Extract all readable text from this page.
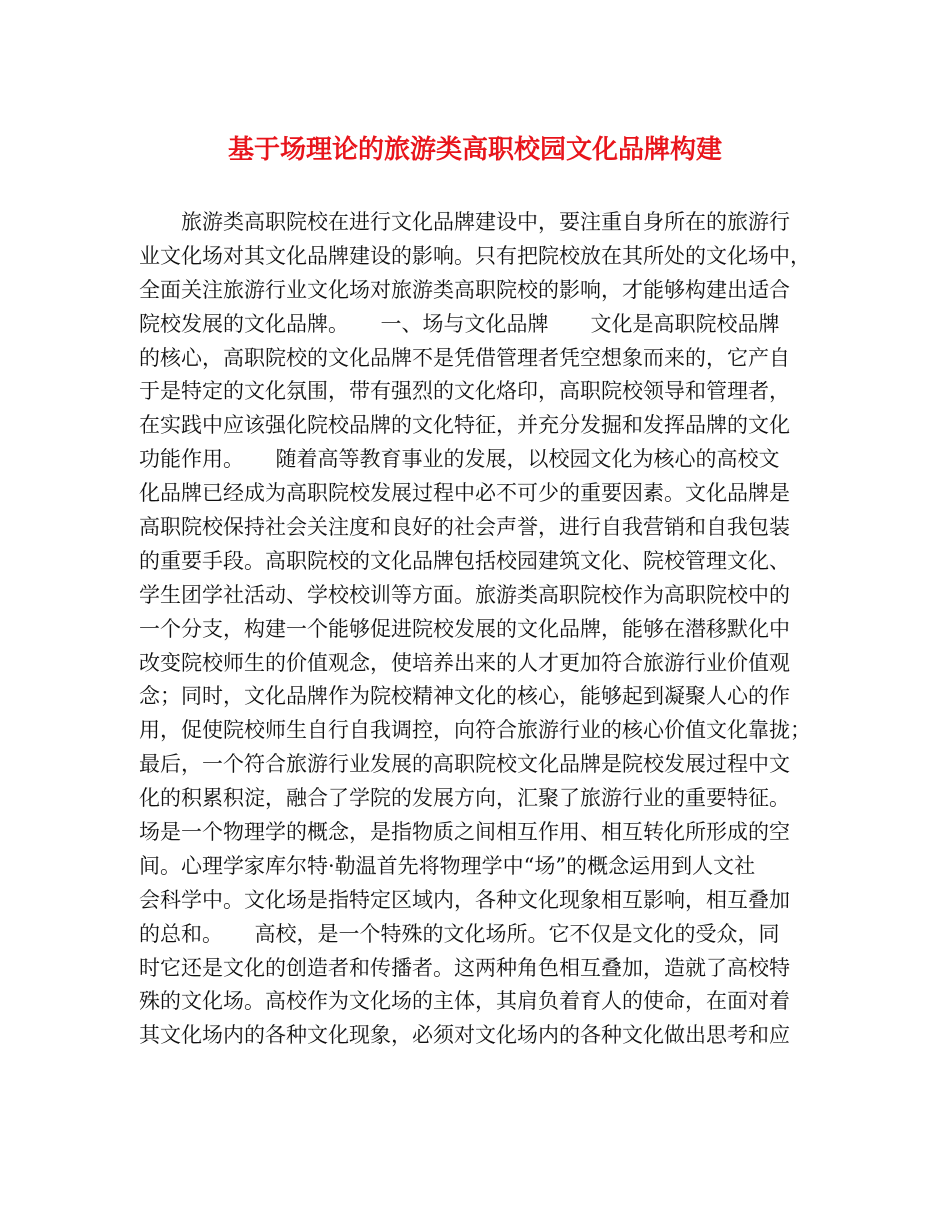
基于场理论的旅游类高职校园文化品牌构建
旅游类高职院校在进行文化品牌建设中，要注重自身所在的旅游行
业文化场对其文化品牌建设的影响。只有把院校放在其所处的文化场中，
全面关注旅游行业文化场对旅游类高职院校的影响，才能够构建出适合
院校发展的文化品牌。　　一、场与文化品牌　　文化是高职院校品牌
的核心，高职院校的文化品牌不是凭借管理者凭空想象而来的，它产自
于是特定的文化氛围，带有强烈的文化烙印，高职院校领导和管理者，
在实践中应该强化院校品牌的文化特征，并充分发掘和发挥品牌的文化
功能作用。　　随着高等教育事业的发展，以校园文化为核心的高校文
化品牌已经成为高职院校发展过程中必不可少的重要因素。文化品牌是
高职院校保持社会关注度和良好的社会声誉，进行自我营销和自我包装
的重要手段。高职院校的文化品牌包括校园建筑文化、院校管理文化、
学生团学社活动、学校校训等方面。旅游类高职院校作为高职院校中的
一个分支，构建一个能够促进院校发展的文化品牌，能够在潜移默化中
改变院校师生的价值观念，使培养出来的人才更加符合旅游行业价值观
念；同时，文化品牌作为院校精神文化的核心，能够起到凝聚人心的作
用，促使院校师生自行自我调控，向符合旅游行业的核心价值文化靠拢；
最后，一个符合旅游行业发展的高职院校文化品牌是院校发展过程中文
化的积累积淀，融合了学院的发展方向，汇聚了旅游行业的重要特征。
场是一个物理学的概念，是指物质之间相互作用、相互转化所形成的空
间。心理学家库尔特·勒温首先将物理学中“场”的概念运用到人文社
会科学中。文化场是指特定区域内，各种文化现象相互影响，相互叠加
的总和。　　高校，是一个特殊的文化场所。它不仅是文化的受众，同
时它还是文化的创造者和传播者。这两种角色相互叠加，造就了高校特
殊的文化场。高校作为文化场的主体，其肩负着育人的使命，在面对着
其文化场内的各种文化现象，必须对文化场内的各种文化做出思考和应
